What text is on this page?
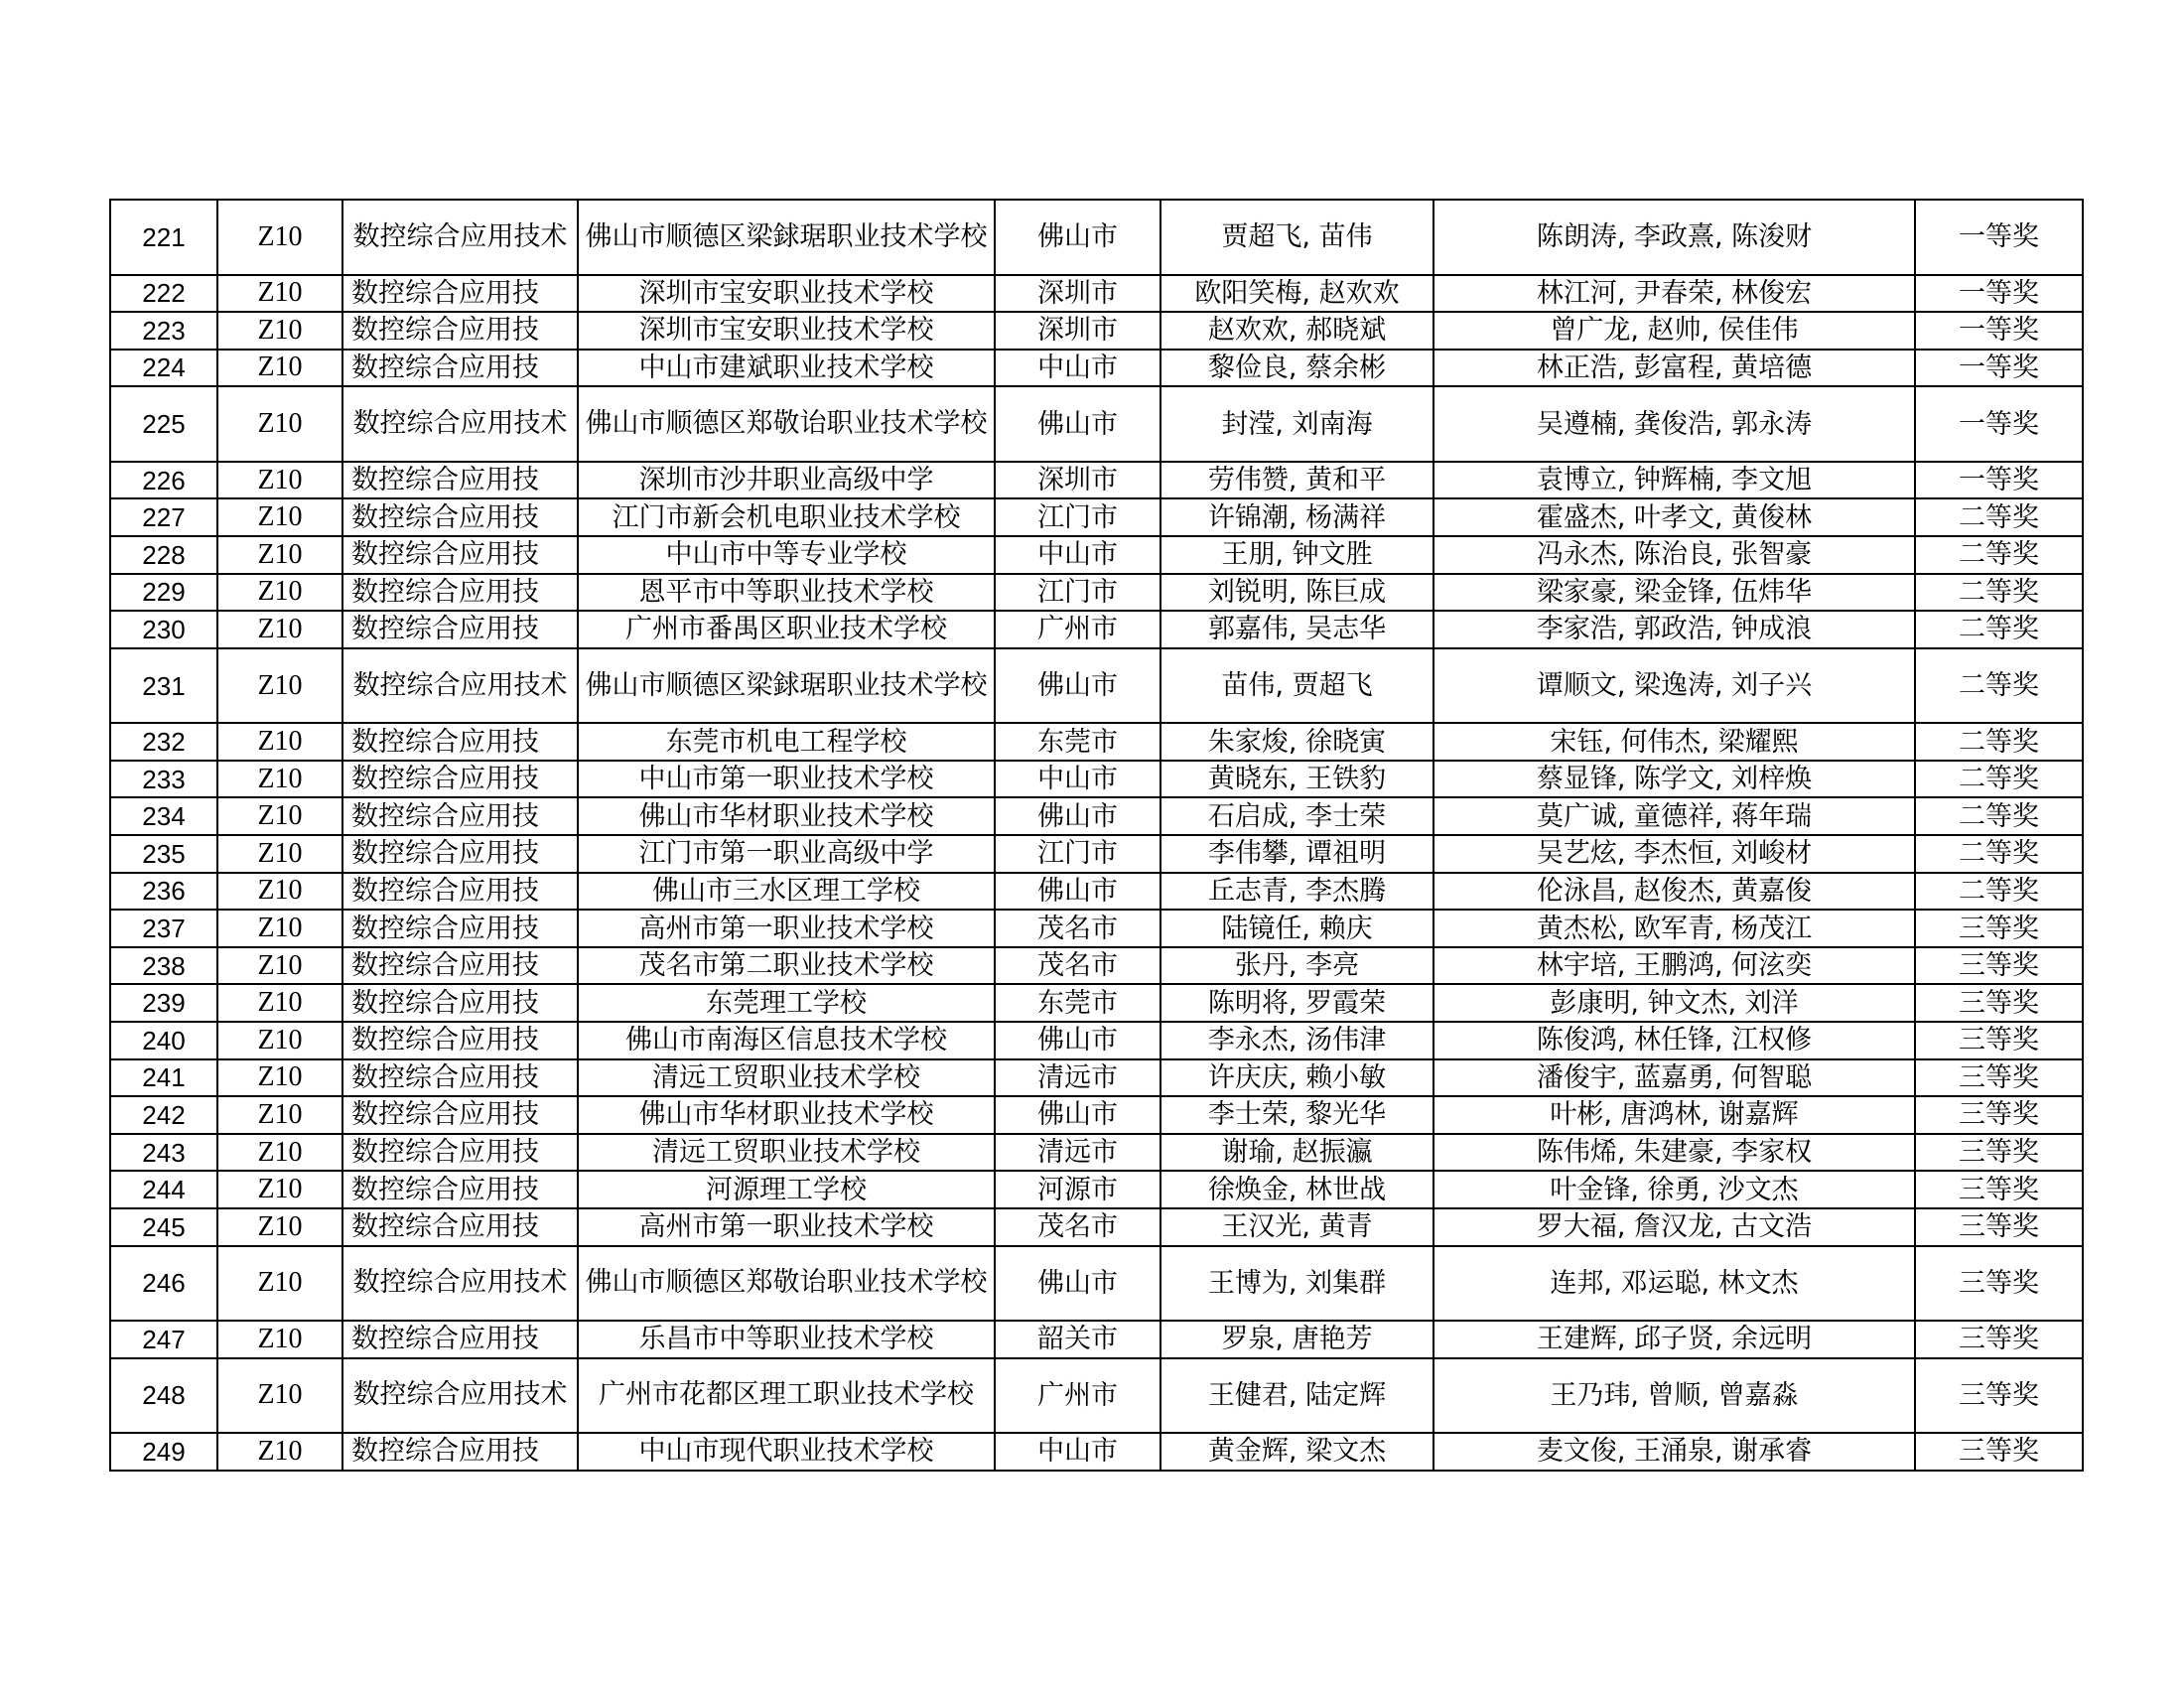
221	Z10	数控综合应用技术	佛山市顺德区梁銶琚职业技术学校	佛山市	贾超飞, 苗伟	陈朗涛, 李政熹, 陈浚财	一等奖
222	Z10	数控综合应用技	深圳市宝安职业技术学校	深圳市	欧阳笑梅, 赵欢欢	林江河, 尹春荣, 林俊宏	一等奖
223	Z10	数控综合应用技	深圳市宝安职业技术学校	深圳市	赵欢欢, 郝晓斌	曾广龙, 赵帅, 侯佳伟	一等奖
224	Z10	数控综合应用技	中山市建斌职业技术学校	中山市	黎俭良, 蔡余彬	林正浩, 彭富程, 黄培德	一等奖
225	Z10	数控综合应用技术	佛山市顺德区郑敬诒职业技术学校	佛山市	封滢, 刘南海	吴遵楠, 龚俊浩, 郭永涛	一等奖
226	Z10	数控综合应用技	深圳市沙井职业高级中学	深圳市	劳伟赞, 黄和平	袁博立, 钟辉楠, 李文旭	一等奖
227	Z10	数控综合应用技	江门市新会机电职业技术学校	江门市	许锦潮, 杨满祥	霍盛杰, 叶孝文, 黄俊林	二等奖
228	Z10	数控综合应用技	中山市中等专业学校	中山市	王朋, 钟文胜	冯永杰, 陈治良, 张智豪	二等奖
229	Z10	数控综合应用技	恩平市中等职业技术学校	江门市	刘锐明, 陈巨成	梁家豪, 梁金锋, 伍炜华	二等奖
230	Z10	数控综合应用技	广州市番禺区职业技术学校	广州市	郭嘉伟, 吴志华	李家浩, 郭政浩, 钟成浪	二等奖
231	Z10	数控综合应用技术	佛山市顺德区梁銶琚职业技术学校	佛山市	苗伟, 贾超飞	谭顺文, 梁逸涛, 刘子兴	二等奖
232	Z10	数控综合应用技	东莞市机电工程学校	东莞市	朱家焌, 徐晓寅	宋钰, 何伟杰, 梁耀熙	二等奖
233	Z10	数控综合应用技	中山市第一职业技术学校	中山市	黄晓东, 王铁豹	蔡显锋, 陈学文, 刘梓焕	二等奖
234	Z10	数控综合应用技	佛山市华材职业技术学校	佛山市	石启成, 李士荣	莫广诚, 童德祥, 蒋年瑞	二等奖
235	Z10	数控综合应用技	江门市第一职业高级中学	江门市	李伟攀, 谭祖明	吴艺炫, 李杰恒, 刘峻材	二等奖
236	Z10	数控综合应用技	佛山市三水区理工学校	佛山市	丘志青, 李杰腾	伦泳昌, 赵俊杰, 黄嘉俊	二等奖
237	Z10	数控综合应用技	高州市第一职业技术学校	茂名市	陆镜任, 赖庆	黄杰松, 欧军青, 杨茂江	三等奖
238	Z10	数控综合应用技	茂名市第二职业技术学校	茂名市	张丹, 李亮	林宇培, 王鹏鸿, 何泫奕	三等奖
239	Z10	数控综合应用技	东莞理工学校	东莞市	陈明将, 罗霞荣	彭康明, 钟文杰, 刘洋	三等奖
240	Z10	数控综合应用技	佛山市南海区信息技术学校	佛山市	李永杰, 汤伟津	陈俊鸿, 林任锋, 江权修	三等奖
241	Z10	数控综合应用技	清远工贸职业技术学校	清远市	许庆庆, 赖小敏	潘俊宇, 蓝嘉勇, 何智聪	三等奖
242	Z10	数控综合应用技	佛山市华材职业技术学校	佛山市	李士荣, 黎光华	叶彬, 唐鸿林, 谢嘉辉	三等奖
243	Z10	数控综合应用技	清远工贸职业技术学校	清远市	谢瑜, 赵振瀛	陈伟烯, 朱建豪, 李家权	三等奖
244	Z10	数控综合应用技	河源理工学校	河源市	徐焕金, 林世战	叶金锋, 徐勇, 沙文杰	三等奖
245	Z10	数控综合应用技	高州市第一职业技术学校	茂名市	王汉光, 黄青	罗大福, 詹汉龙, 古文浩	三等奖
246	Z10	数控综合应用技术	佛山市顺德区郑敬诒职业技术学校	佛山市	王博为, 刘集群	连邦, 邓运聪, 林文杰	三等奖
247	Z10	数控综合应用技	乐昌市中等职业技术学校	韶关市	罗泉, 唐艳芳	王建辉, 邱子贤, 余远明	三等奖
248	Z10	数控综合应用技术	广州市花都区理工职业技术学校	广州市	王健君, 陆定辉	王乃玮, 曾顺, 曾嘉淼	三等奖
249	Z10	数控综合应用技	中山市现代职业技术学校	中山市	黄金辉, 梁文杰	麦文俊, 王涌泉, 谢承睿	三等奖
